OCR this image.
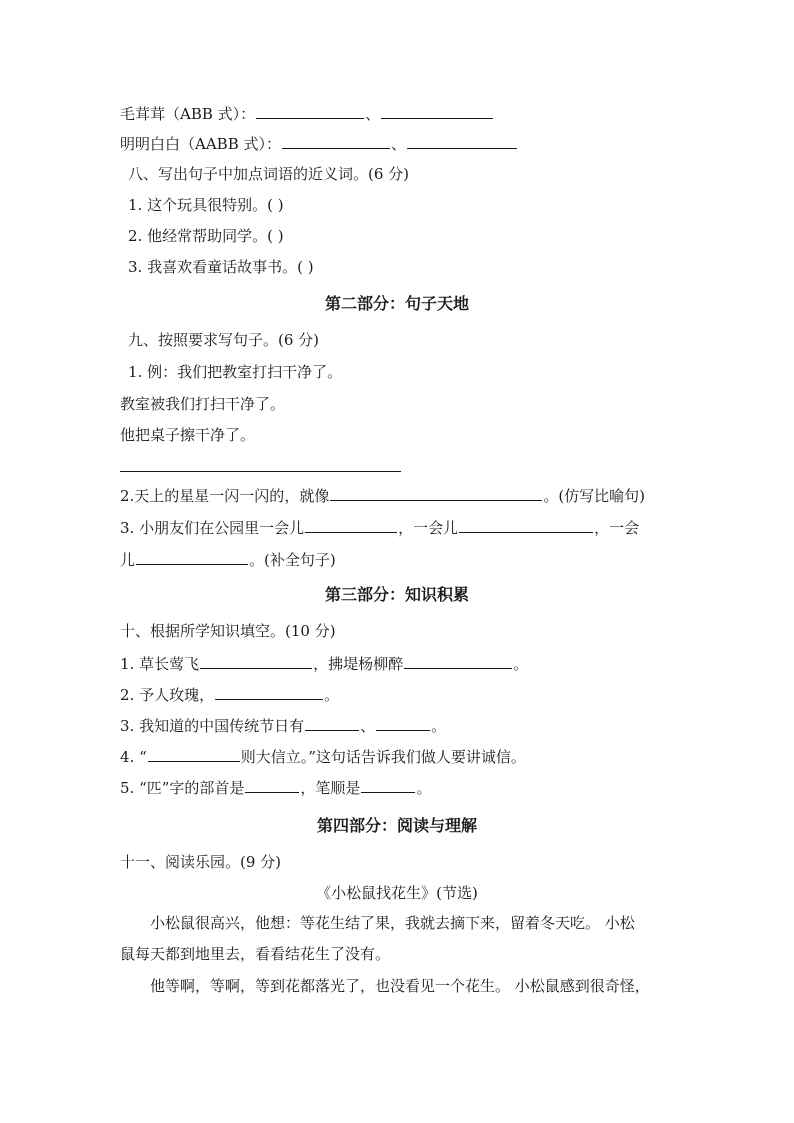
毛茸茸（ABB 式）：	、
明明白白（AABB 式）：	、
八、写出句子中加点词语的近义词。(6 分)
1. 这个玩具很特别。( )
2. 他经常帮助同学。( )
3. 我喜欢看童话故事书。( )
第二部分：句子天地
九、按照要求写句子。(6 分)
1. 例：我们把教室打扫干净了。
教室被我们打扫干净了。
他把桌子擦干净了。
2.天上的星星一闪一闪的，就像	。(仿写比喻句)
3. 小朋友们在公园里一会儿	，一会儿	，一会
儿	。(补全句子)
第三部分：知识积累
十、根据所学知识填空。(10 分)
1. 草长莺飞	，拂堤杨柳醉	。
2. 予人玫瑰，	。
3. 我知道的中国传统节日有	、	。
4. “	则大信立。”这句话告诉我们做人要讲诚信。
5. “匹”字的部首是	，笔顺是	。
第四部分：阅读与理解
十一、阅读乐园。(9 分)
《小松鼠找花生》(节选)
小松鼠很高兴，他想：等花生结了果，我就去摘下来，留着冬天吃。 小松
鼠每天都到地里去，看看结花生了没有。
他等啊，等啊，等到花都落光了，也没看见一个花生。 小松鼠感到很奇怪，
